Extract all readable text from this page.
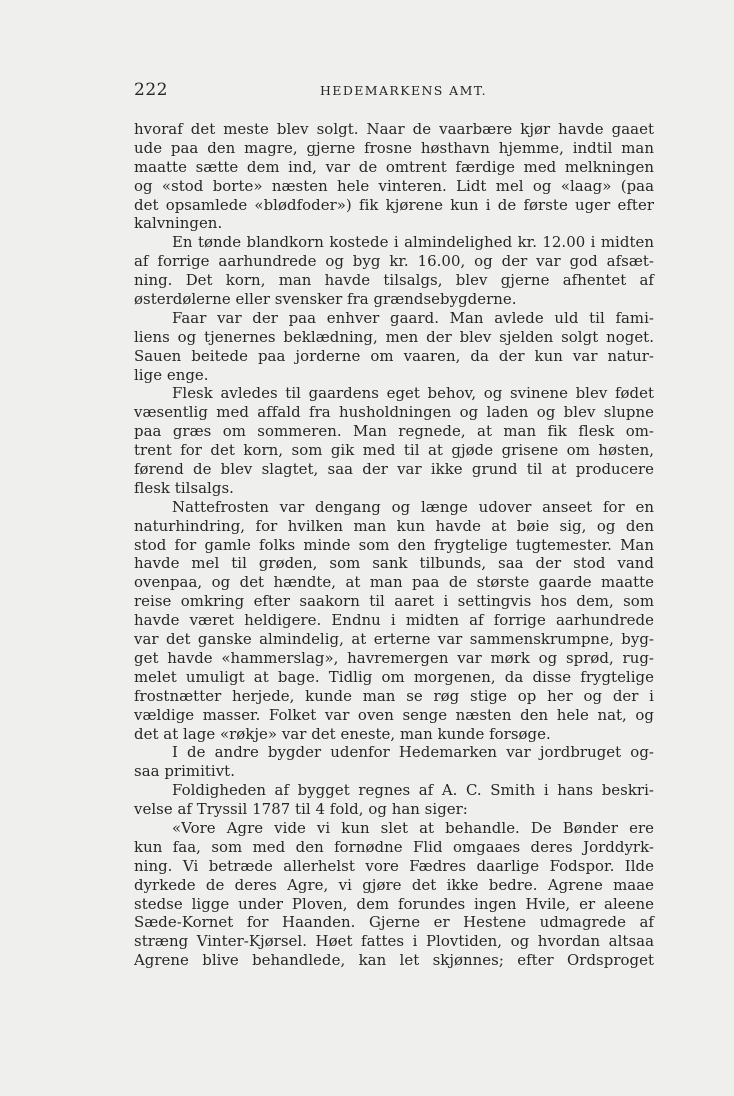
222	HEDEMARKENS AMT.
hvoraf det meste blev solgt. Naar de vaarbære kjør havde gaaet
ude paa den magre, gjerne frosne høsthavn hjemme, indtil man
maatte sætte dem ind, var de omtrent færdige med melkningen
og «stod borte» næsten hele vinteren. Lidt mel og «laag» (paa
det opsamlede «blødfoder») fik kjørene kun i de første uger efter
kalvningen.
En tønde blandkorn kostede i almindelighed kr. 12.00 i midten
af forrige aarhundrede og byg kr. 16.00, og der var god afsæt-
ning. Det korn, man havde tilsalgs, blev gjerne afhentet af
østerdølerne eller svensker fra grændsebygderne.
Faar var der paa enhver gaard. Man avlede uld til fami-
liens og tjenernes beklædning, men der blev sjelden solgt noget.
Sauen beitede paa jorderne om vaaren, da der kun var natur-
lige enge.
Flesk avledes til gaardens eget behov, og svinene blev fødet
væsentlig med affald fra husholdningen og laden og blev slupne
paa græs om sommeren. Man regnede, at man fik flesk om-
trent for det korn, som gik med til at gjøde grisene om høsten,
førend de blev slagtet, saa der var ikke grund til at producere
flesk tilsalgs.
Nattefrosten var dengang og længe udover anseet for en
naturhindring, for hvilken man kun havde at bøie sig, og den
stod for gamle folks minde som den frygtelige tugtemester. Man
havde mel til grøden, som sank tilbunds, saa der stod vand
ovenpaa, og det hændte, at man paa de største gaarde maatte
reise omkring efter saakorn til aaret i settingvis hos dem, som
havde været heldigere. Endnu i midten af forrige aarhundrede
var det ganske almindelig, at erterne var sammenskrumpne, byg-
get havde «hammerslag», havremergen var mørk og sprød, rug-
melet umuligt at bage. Tidlig om morgenen, da disse frygtelige
frostnætter herjede, kunde man se røg stige op her og der i
vældige masser. Folket var oven senge næsten den hele nat, og
det at lage «røkje» var det eneste, man kunde forsøge.
I de andre bygder udenfor Hedemarken var jordbruget og-
saa primitivt.
Foldigheden af bygget regnes af A. C. Smith i hans beskri-
velse af Tryssil 1787 til 4 fold, og han siger:
«Vore Agre vide vi kun slet at behandle. De Bønder ere
kun faa, som med den fornødne Flid omgaaes deres Jorddyrk-
ning. Vi betræde allerhelst vore Fædres daarlige Fodspor. Ilde
dyrkede de deres Agre, vi gjøre det ikke bedre. Agrene maae
stedse ligge under Ploven, dem forundes ingen Hvile, er aleene
Sæde-Kornet for Haanden. Gjerne er Hestene udmagrede af
stræng Vinter-Kjørsel. Høet fattes i Plovtiden, og hvordan altsaa
Agrene blive behandlede, kan let skjønnes; efter Ordsproget
